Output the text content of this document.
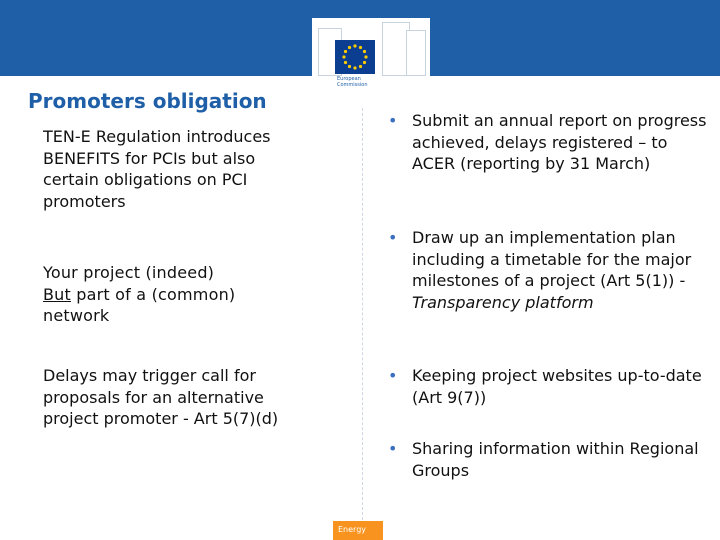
European
Commission
Promoters obligation
TEN-E Regulation introduces BENEFITS for PCIs but also certain obligations on PCI promoters
Your project (indeed)
But part of a (common) network
Delays may trigger call for proposals for an alternative project promoter - Art 5(7)(d)
• Submit an annual report on progress achieved, delays registered – to ACER (reporting by 31 March)
• Draw up an implementation plan including a timetable for the major milestones of a project (Art 5(1)) - Transparency platform
• Keeping project websites up-to-date (Art 9(7))
• Sharing information within Regional Groups
Energy
